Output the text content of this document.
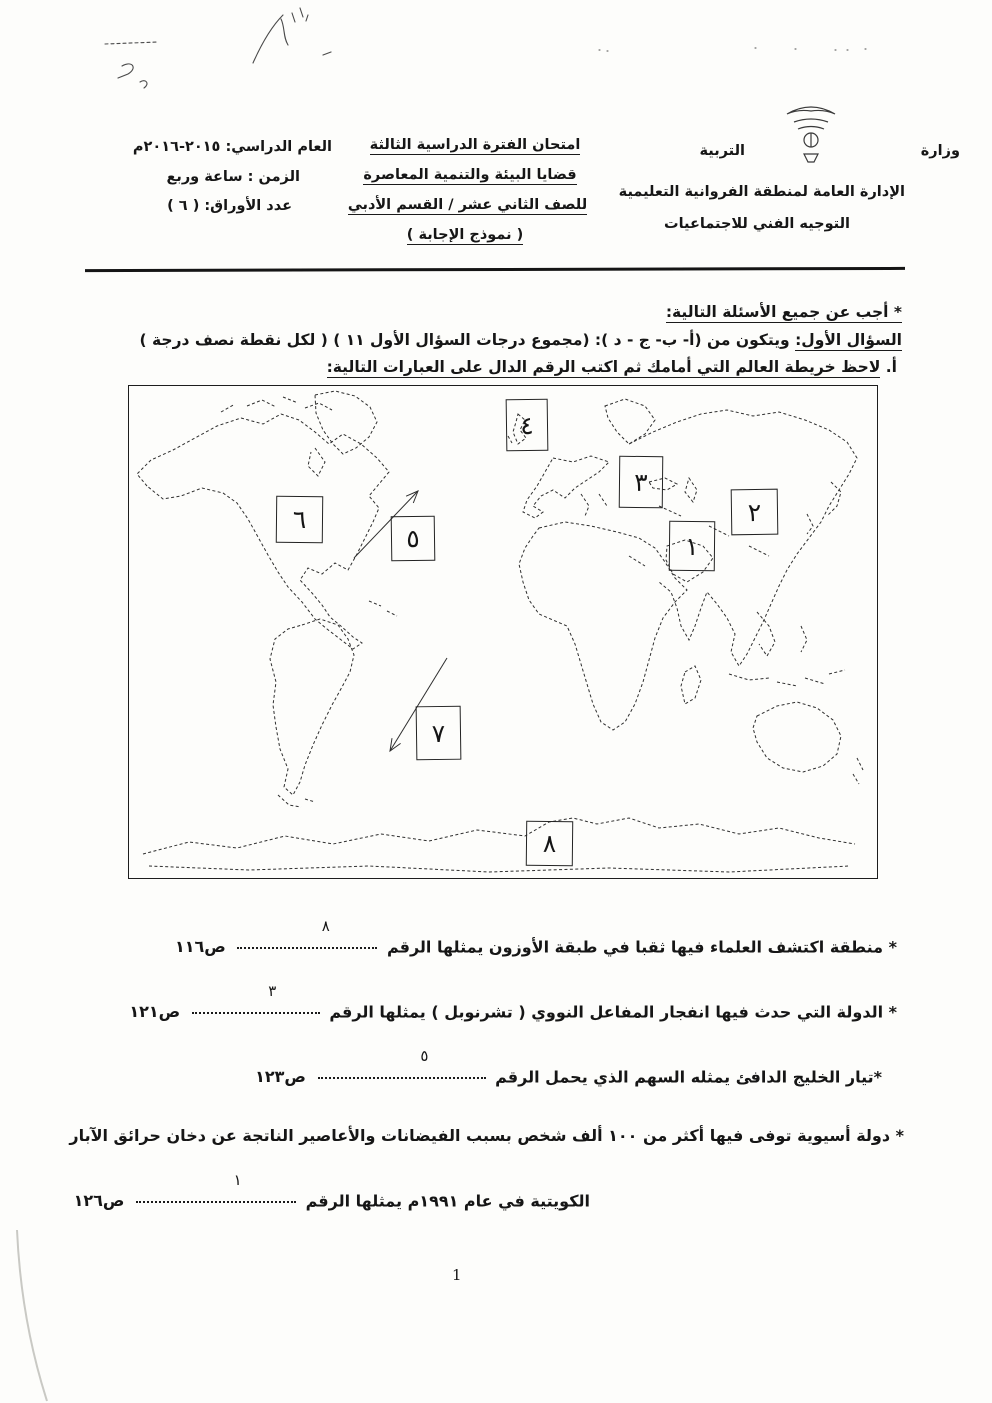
وزارة
التربية
الإدارة العامة لمنطقة الفروانية التعليمية
التوجيه الفني للاجتماعيات
امتحان الفترة الدراسية الثالثة
قضايا البيئة والتنمية المعاصرة
للصف الثاني عشر / القسم الأدبي
( نموذج الإجابة )
العام الدراسي: ٢٠١٥-٢٠١٦م
الزمن : ساعة وربع
عدد الأوراق: ( ٦ )
* أجب عن جميع الأسئلة التالية:
السؤال الأول: ويتكون من (أ- ب- ج - د ): (مجموع درجات السؤال الأول ١١ ) ( لكل نقطة نصف درجة )
أ. لاحظ خريطة العالم التي أمامك ثم اكتب الرقم الدال على العبارات التالية:
٤
٣
٢
٦
٥	١
٧
٨
* منطقة اكتشف العلماء فيها ثقبا في طبقة الأوزون يمثلها الرقم
٨
ص١١٦
* الدولة التي حدث فيها انفجار المفاعل النووي ( تشرنوبل ) يمثلها الرقم
٣
ص١٢١
*تيار الخليج الدافئ يمثله السهم الذي يحمل الرقم
٥
ص١٢٣
* دولة أسيوية توفى فيها أكثر من ١٠٠ ألف شخص بسبب الفيضانات والأعاصير الناتجة عن دخان حرائق الآبار
الكويتية في عام ١٩٩١م يمثلها الرقم
١
ص١٢٦
1
